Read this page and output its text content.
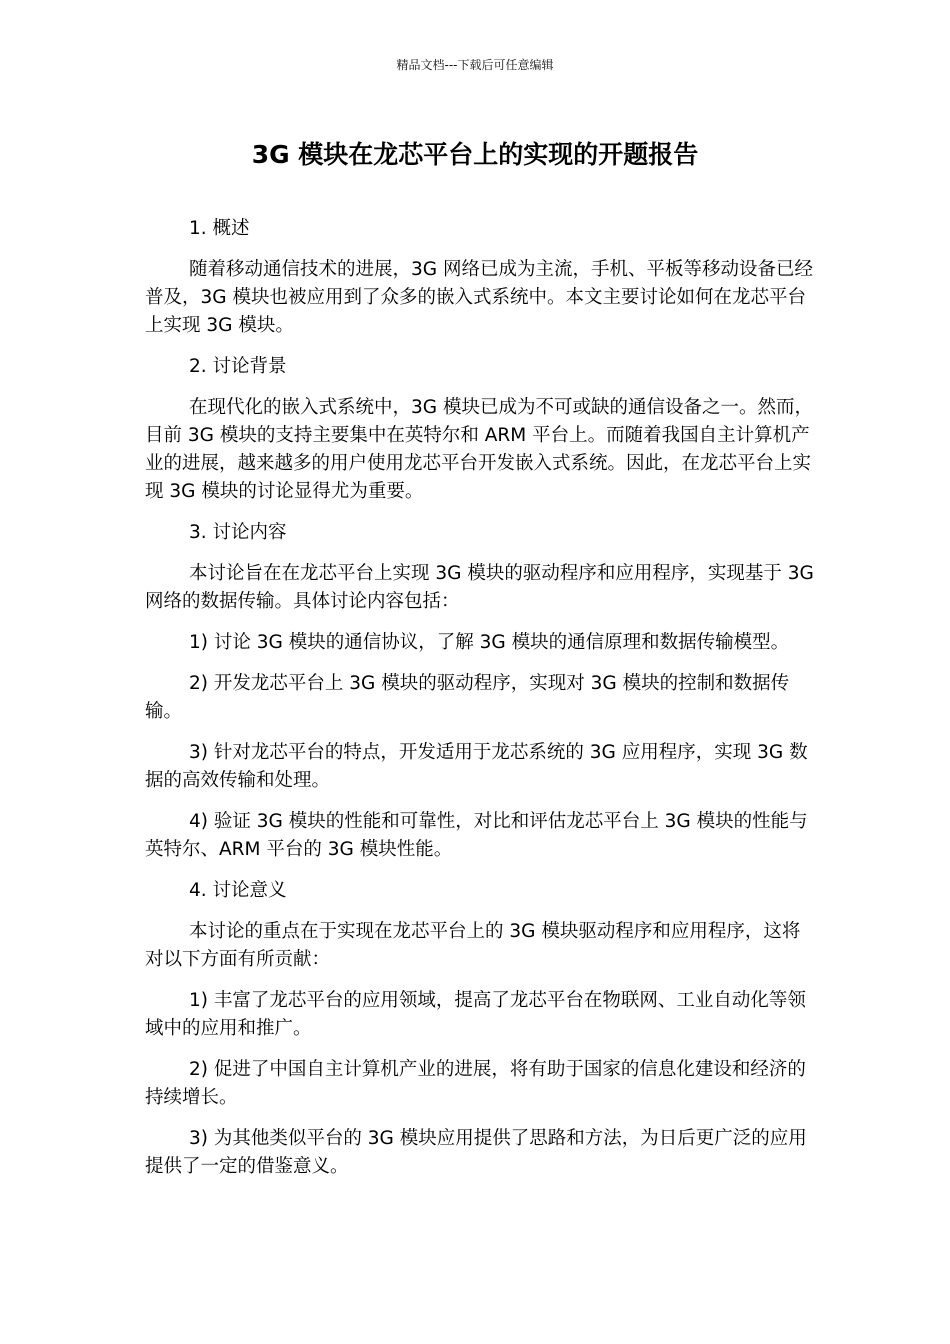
精品文档---下载后可任意编辑
3G 模块在龙芯平台上的实现的开题报告

1. 概述

随着移动通信技术的进展，3G 网络已成为主流，手机、平板等移动设备已经普及，3G 模块也被应用到了众多的嵌入式系统中。本文主要讨论如何在龙芯平台上实现 3G 模块。

2. 讨论背景

在现代化的嵌入式系统中，3G 模块已成为不可或缺的通信设备之一。然而，目前 3G 模块的支持主要集中在英特尔和 ARM 平台上。而随着我国自主计算机产业的进展，越来越多的用户使用龙芯平台开发嵌入式系统。因此，在龙芯平台上实现 3G 模块的讨论显得尤为重要。

3. 讨论内容

本讨论旨在在龙芯平台上实现 3G 模块的驱动程序和应用程序，实现基于 3G 网络的数据传输。具体讨论内容包括：

1) 讨论 3G 模块的通信协议，了解 3G 模块的通信原理和数据传输模型。

2) 开发龙芯平台上 3G 模块的驱动程序，实现对 3G 模块的控制和数据传输。

3) 针对龙芯平台的特点，开发适用于龙芯系统的 3G 应用程序，实现 3G 数据的高效传输和处理。

4) 验证 3G 模块的性能和可靠性，对比和评估龙芯平台上 3G 模块的性能与英特尔、ARM 平台的 3G 模块性能。

4. 讨论意义

本讨论的重点在于实现在龙芯平台上的 3G 模块驱动程序和应用程序，这将对以下方面有所贡献：

1) 丰富了龙芯平台的应用领域，提高了龙芯平台在物联网、工业自动化等领域中的应用和推广。

2) 促进了中国自主计算机产业的进展，将有助于国家的信息化建设和经济的持续增长。

3) 为其他类似平台的 3G 模块应用提供了思路和方法，为日后更广泛的应用提供了一定的借鉴意义。
